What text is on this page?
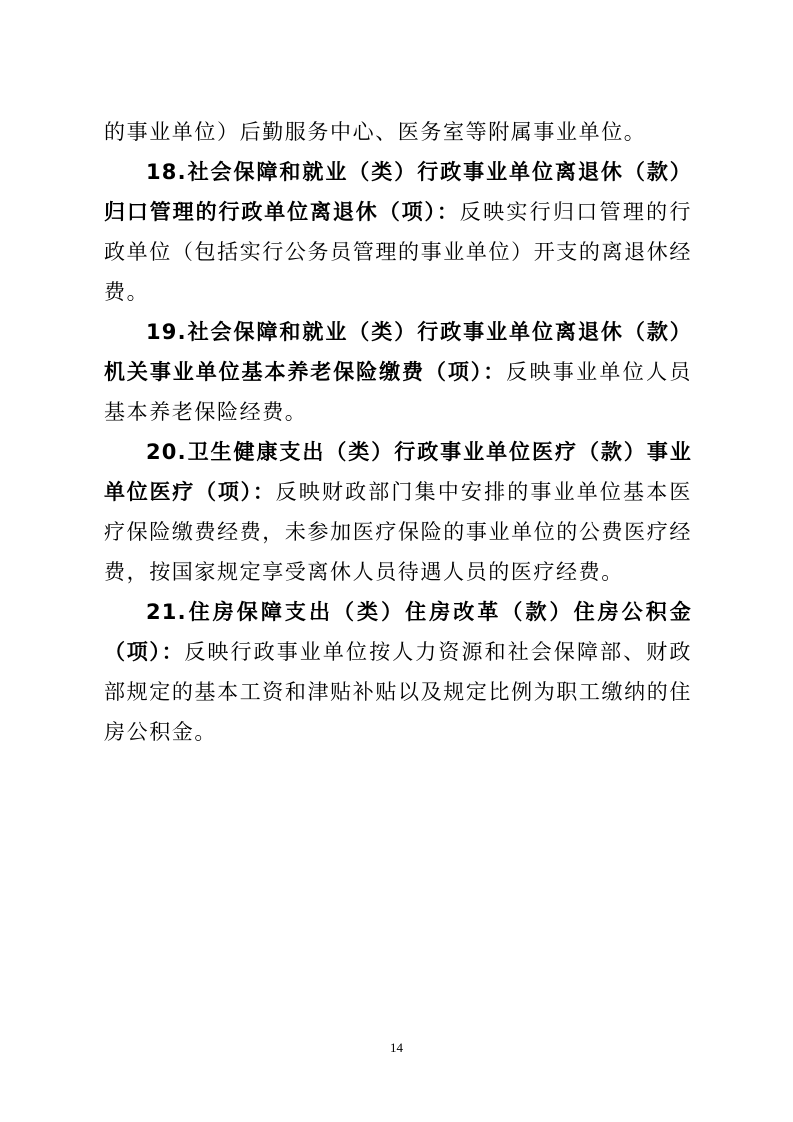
的事业单位）后勤服务中心、医务室等附属事业单位。

18.社会保障和就业（类）行政事业单位离退休（款）归口管理的行政单位离退休（项）：反映实行归口管理的行政单位（包括实行公务员管理的事业单位）开支的离退休经费。

19.社会保障和就业（类）行政事业单位离退休（款）机关事业单位基本养老保险缴费（项）：反映事业单位人员基本养老保险经费。

20.卫生健康支出（类）行政事业单位医疗（款）事业单位医疗（项）：反映财政部门集中安排的事业单位基本医疗保险缴费经费，未参加医疗保险的事业单位的公费医疗经费，按国家规定享受离休人员待遇人员的医疗经费。

21.住房保障支出（类）住房改革（款）住房公积金（项）：反映行政事业单位按人力资源和社会保障部、财政部规定的基本工资和津贴补贴以及规定比例为职工缴纳的住房公积金。

14
